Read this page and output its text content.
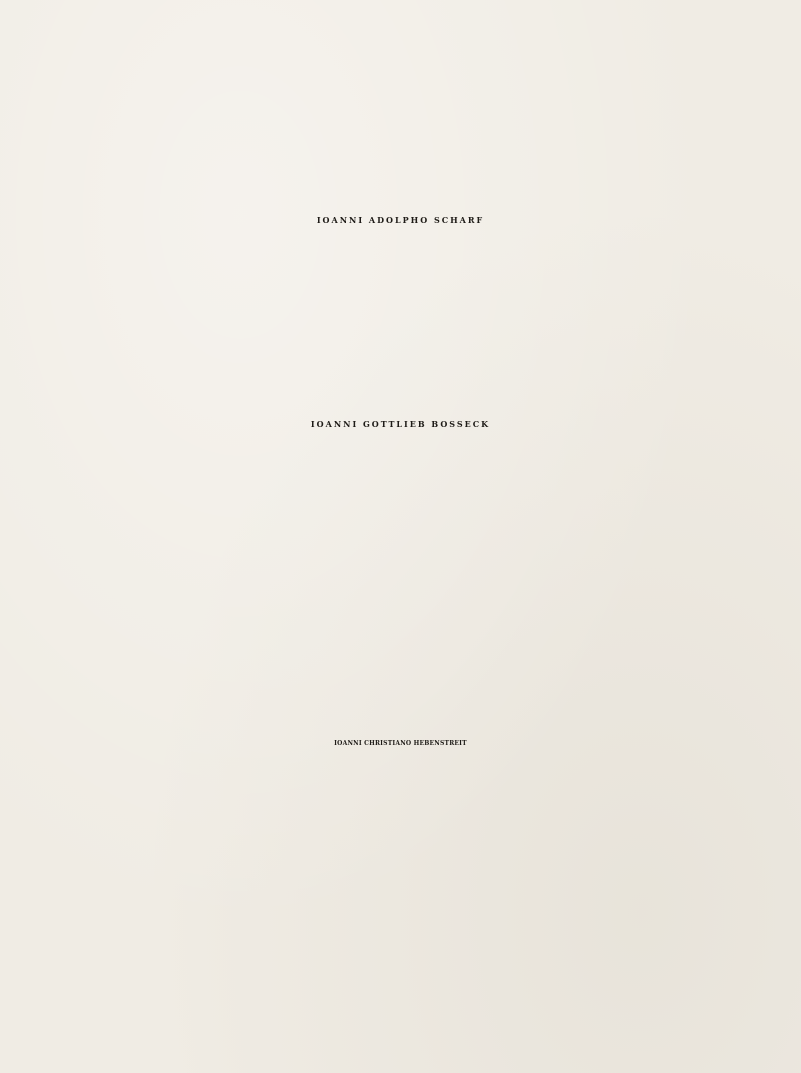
IOANNI ADOLPHO SCHARF
IOANNI GOTTLIEB BOSSECK
IOANNI CHRISTIANO HEBENSTREIT
